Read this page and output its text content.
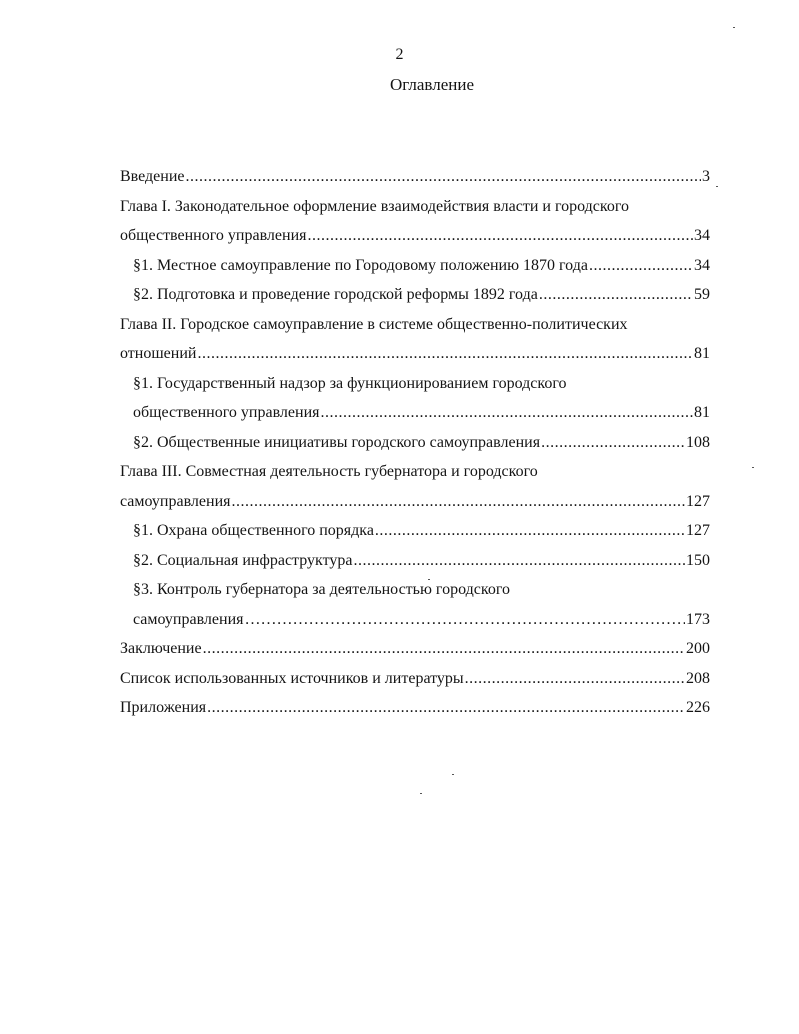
2
Оглавление
Введение .....	3
Глава I. Законодательное оформление взаимодействия власти и городского
общественного управления .....	34
§1. Местное самоуправление по Городовому положению 1870 года .....	34
§2. Подготовка и проведение городской реформы 1892 года .....	59
Глава II. Городское самоуправление в системе общественно-политических
отношений .....	81
§1. Государственный надзор за функционированием городского
общественного управления .....	81
§2. Общественные инициативы городского самоуправления .....	108
Глава III. Совместная деятельность губернатора и городского
самоуправления .....	127
§1. Охрана общественного порядка .....	127
§2. Социальная инфраструктура .....	150
§3. Контроль губернатора за деятельностью городского
самоуправления …………………………………………………………………………………………………………………………	173
Заключение .....	200
Список использованных источников и литературы .....	208
Приложения .....	226
